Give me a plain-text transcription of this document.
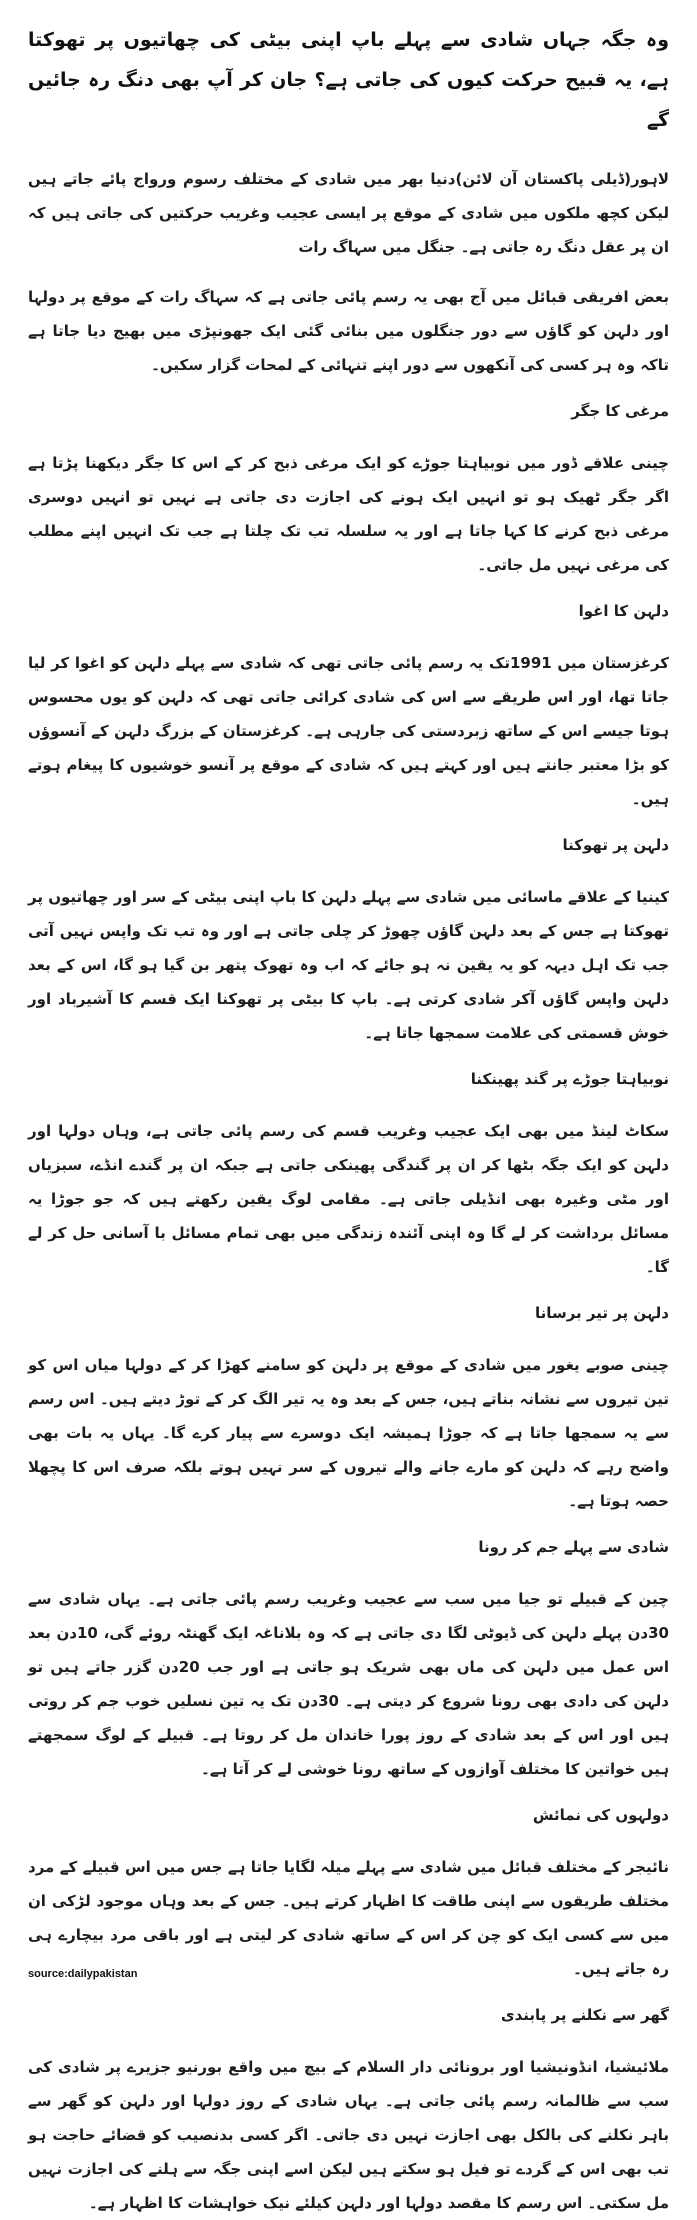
وہ جگہ جہاں شادی سے پہلے باپ اپنی بیٹی کی چھاتیوں پر تھوکتا ہے، یہ قبیح حرکت کیوں کی جاتی ہے؟ جان کر آپ بھی دنگ رہ جائیں گے

لاہور(ڈیلی پاکستان آن لائن)دنیا بھر میں شادی کے مختلف رسوم ورواج پائے جاتے ہیں لیکن کچھ ملکوں میں شادی کے موقع پر ایسی عجیب وغریب حرکتیں کی جاتی ہیں کہ ان پر عقل دنگ رہ جاتی ہے۔ جنگل میں سہاگ رات

بعض افریقی قبائل میں آج بھی یہ رسم پائی جاتی ہے کہ سہاگ رات کے موقع پر دولہا اور دلہن کو گاﺅں سے دور جنگلوں میں بنائی گئی ایک جھونپڑی میں بھیج دیا جاتا ہے تاکہ وہ ہر کسی کی آنکھوں سے دور اپنے تنہائی کے لمحات گزار سکیں۔

مرغی کا جگر

چینی علاقے ڈور میں نوبیاہتا جوڑے کو ایک مرغی ذبح کر کے اس کا جگر دیکھنا پڑتا ہے اگر جگر ٹھیک ہو تو انہیں ایک ہونے کی اجازت دی جاتی ہے نہیں تو انہیں دوسری مرغی ذبح کرنے کا کہا جاتا ہے اور یہ سلسلہ تب تک چلتا ہے جب تک انہیں اپنے مطلب کی مرغی نہیں مل جاتی۔

دلہن کا اغوا

کرغزستان میں 1991تک یہ رسم پائی جاتی تھی کہ شادی سے پہلے دلہن کو اغوا کر لیا جاتا تھا، اور اس طریقے سے اس کی شادی کرائی جاتی تھی کہ دلہن کو یوں محسوس ہوتا جیسے اس کے ساتھ زبردستی کی جارہی ہے۔ کرغزستان کے بزرگ دلہن کے آنسوﺅں کو بڑا معتبر جانتے ہیں اور کہتے ہیں کہ شادی کے موقع پر آنسو خوشیوں کا پیغام ہوتے ہیں۔

دلہن پر تھوکنا

کینیا کے علاقے ماسائی میں شادی سے پہلے دلہن کا باپ اپنی بیٹی کے سر اور چھاتیوں پر تھوکتا ہے جس کے بعد دلہن گاﺅں چھوڑ کر چلی جاتی ہے اور وہ تب تک واپس نہیں آتی جب تک اہل دیہہ کو یہ یقین نہ ہو جائے کہ اب وہ تھوک پتھر بن گیا ہو گا، اس کے بعد دلہن واپس گاﺅں آکر شادی کرتی ہے۔ باپ کا بیٹی پر تھوکنا ایک قسم کا آشیرباد اور خوش قسمتی کی علامت سمجھا جاتا ہے۔

نوبیاہتا جوڑے پر گند پھینکنا

سکاٹ لینڈ میں بھی ایک عجیب وغریب قسم کی رسم پائی جاتی ہے، وہاں دولہا اور دلہن کو ایک جگہ بٹھا کر ان پر گندگی پھینکی جاتی ہے جبکہ ان پر گندے انڈے، سبزیاں اور مٹی وغیرہ بھی انڈیلی جاتی ہے۔ مقامی لوگ یقین رکھتے ہیں کہ جو جوڑا یہ مسائل برداشت کر لے گا وہ اپنی آئندہ زندگی میں بھی تمام مسائل با آسانی حل کر لے گا۔

دلہن پر تیر برسانا

چینی صوبے یغور میں شادی کے موقع پر دلہن کو سامنے کھڑا کر کے دولہا میاں اس کو تین تیروں سے نشانہ بناتے ہیں، جس کے بعد وہ یہ تیر الگ کر کے توڑ دیتے ہیں۔ اس رسم سے یہ سمجھا جاتا ہے کہ جوڑا ہمیشہ ایک دوسرے سے پیار کرے گا۔ یہاں یہ بات بھی واضح رہے کہ دلہن کو مارے جانے والے تیروں کے سر نہیں ہوتے بلکہ صرف اس کا پچھلا حصہ ہوتا ہے۔

شادی سے پہلے جم کر رونا

چین کے قبیلے تو جیا میں سب سے عجیب وغریب رسم پائی جاتی ہے۔ یہاں شادی سے 30دن پہلے دلہن کی ڈیوٹی لگا دی جاتی ہے کہ وہ بلاناغہ ایک گھنٹہ روئے گی، 10دن بعد اس عمل میں دلہن کی ماں بھی شریک ہو جاتی ہے اور جب 20دن گزر جاتے ہیں تو دلہن کی دادی بھی رونا شروع کر دیتی ہے۔ 30دن تک یہ تین نسلیں خوب جم کر روتی ہیں اور اس کے بعد شادی کے روز پورا خاندان مل کر روتا ہے۔ قبیلے کے لوگ سمجھتے ہیں خواتین کا مختلف آوازوں کے ساتھ رونا خوشی لے کر آتا ہے۔

دولہوں کی نمائش

نائیجر کے مختلف قبائل میں شادی سے پہلے میلہ لگایا جاتا ہے جس میں اس قبیلے کے مرد مختلف طریقوں سے اپنی طاقت کا اظہار کرتے ہیں۔ جس کے بعد وہاں موجود لڑکی ان میں سے کسی ایک کو چن کر اس کے ساتھ شادی کر لیتی ہے اور باقی مرد بیچارے ہی رہ جاتے ہیں۔

گھر سے نکلنے پر پابندی

ملائیشیا، انڈونیشیا اور برونائی دار السلام کے بیچ میں واقع بورنیو جزیرے پر شادی کی سب سے ظالمانہ رسم پائی جاتی ہے۔ یہاں شادی کے روز دولہا اور دلہن کو گھر سے باہر نکلنے کی بالکل بھی اجازت نہیں دی جاتی۔ اگر کسی بدنصیب کو قضائے حاجت ہو تب بھی اس کے گردے تو فیل ہو سکتے ہیں لیکن اسے اپنی جگہ سے ہلنے کی اجازت نہیں مل سکتی۔ اس رسم کا مقصد دولہا اور دلہن کیلئے نیک خواہشات کا اظہار ہے۔

source:dailypakistan
